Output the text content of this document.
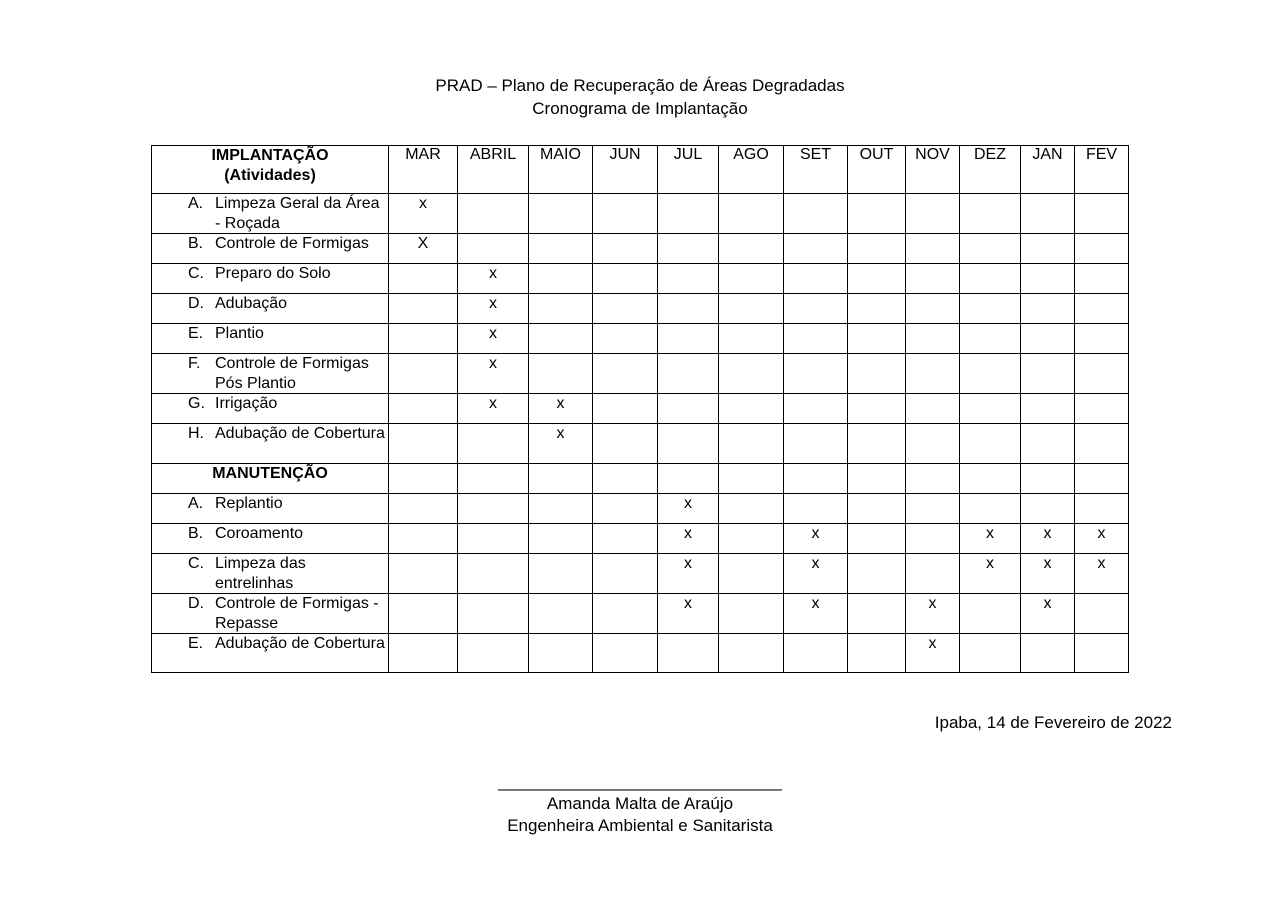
PRAD – Plano de Recuperação de Áreas Degradadas
Cronograma de Implantação
IMPLANTAÇÃO
(Atividades)	MAR	ABRIL	MAIO	JUN	JUL	AGO	SET	OUT	NOV	DEZ	JAN	FEV

A. Limpeza Geral da Área - Roçada	x											

B. Controle de Formigas	X											

C. Preparo do Solo		x										

D. Adubação		x										

E. Plantio		x										

F. Controle de Formigas Pós Plantio		x										

G. Irrigação		x	x									

H. Adubação de Cobertura			x									
MANUTENÇÃO												

A. Replantio					x							

B. Coroamento					x		x			x	x	x

C. Limpeza das entrelinhas					x		x			x	x	x

D. Controle de Formigas - Repasse					x		x		x		x	

E. Adubação de Cobertura									x			
Ipaba, 14 de Fevereiro de 2022
______________________________
Amanda Malta de Araújo
Engenheira Ambiental e Sanitarista
